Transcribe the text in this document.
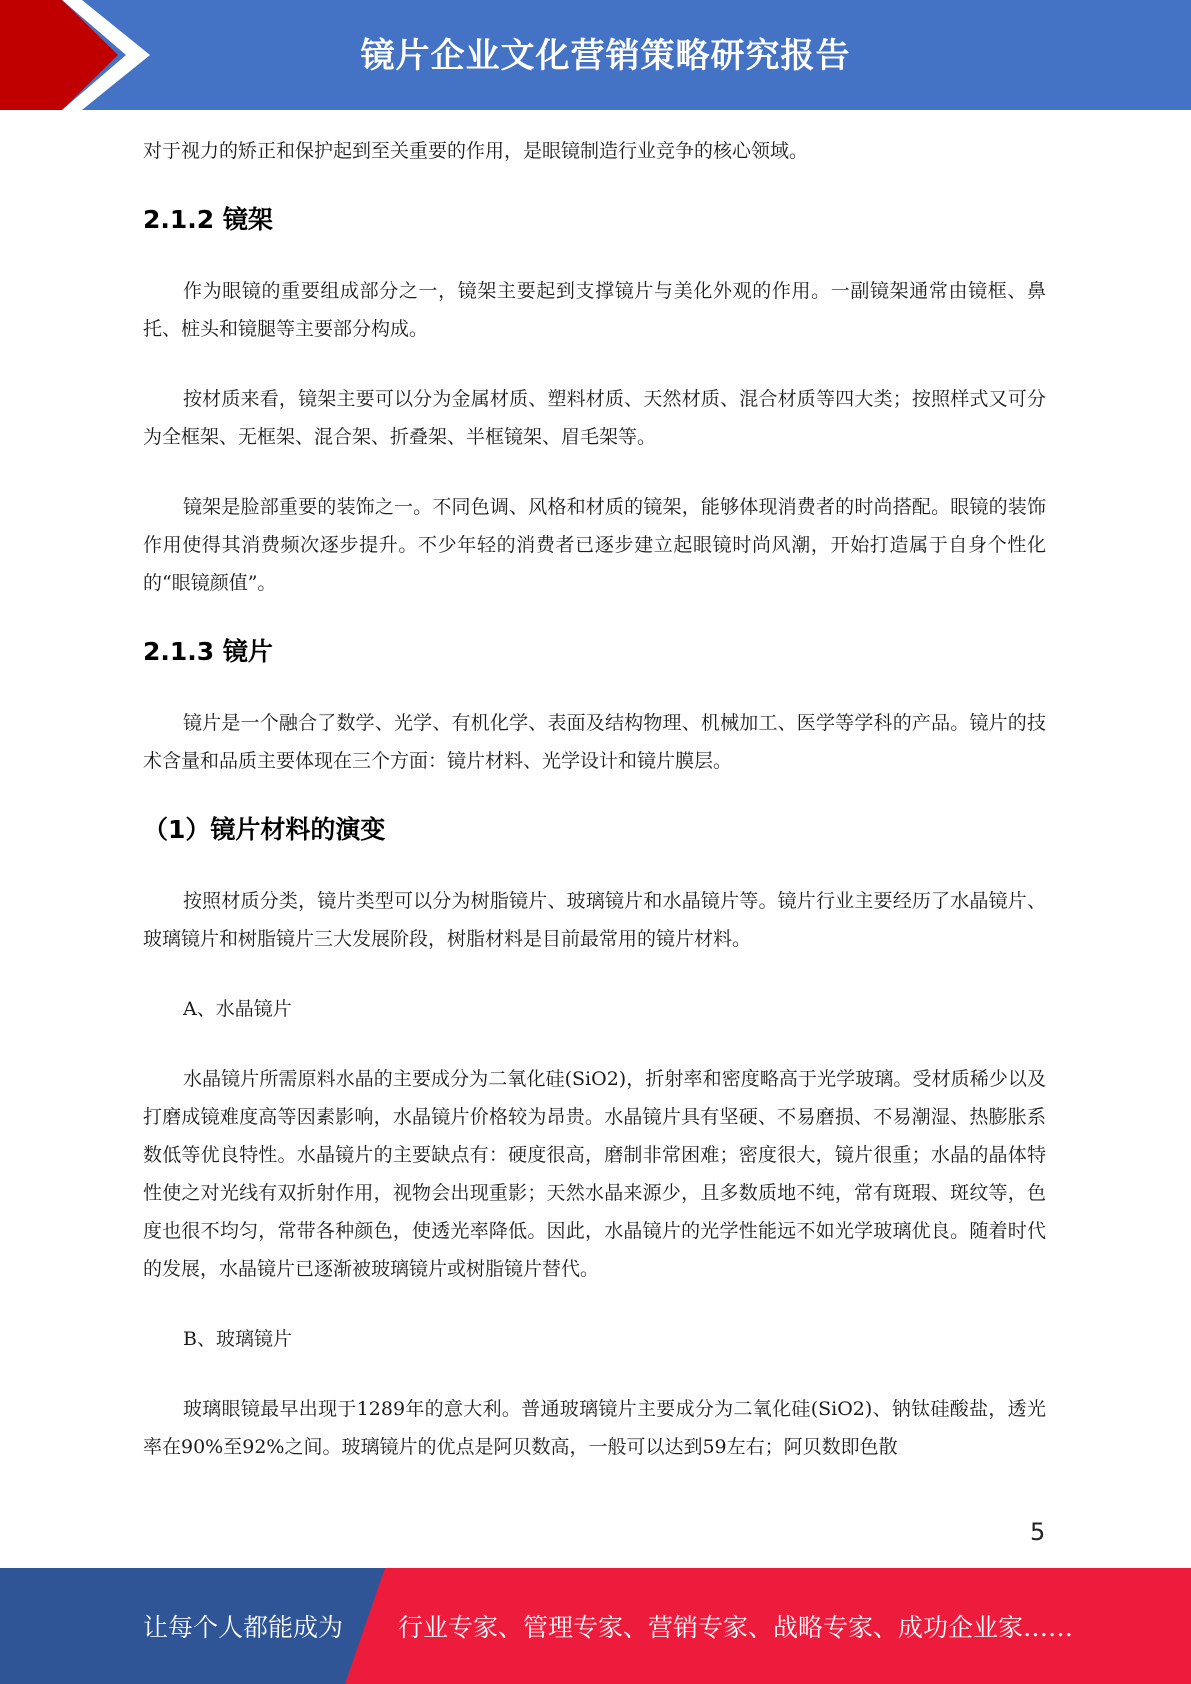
镜片企业文化营销策略研究报告

对于视力的矫正和保护起到至关重要的作用，是眼镜制造行业竞争的核心领域。

2.1.2 镜架

作为眼镜的重要组成部分之一，镜架主要起到支撑镜片与美化外观的作用。一副镜架通常由镜框、鼻托、桩头和镜腿等主要部分构成。

按材质来看，镜架主要可以分为金属材质、塑料材质、天然材质、混合材质等四大类；按照样式又可分为全框架、无框架、混合架、折叠架、半框镜架、眉毛架等。

镜架是脸部重要的装饰之一。不同色调、风格和材质的镜架，能够体现消费者的时尚搭配。眼镜的装饰作用使得其消费频次逐步提升。不少年轻的消费者已逐步建立起眼镜时尚风潮，开始打造属于自身个性化的“眼镜颜值”。

2.1.3 镜片

镜片是一个融合了数学、光学、有机化学、表面及结构物理、机械加工、医学等学科的产品。镜片的技术含量和品质主要体现在三个方面：镜片材料、光学设计和镜片膜层。

（1）镜片材料的演变

按照材质分类，镜片类型可以分为树脂镜片、玻璃镜片和水晶镜片等。镜片行业主要经历了水晶镜片、玻璃镜片和树脂镜片三大发展阶段，树脂材料是目前最常用的镜片材料。

A、水晶镜片

水晶镜片所需原料水晶的主要成分为二氧化硅(SiO2)，折射率和密度略高于光学玻璃。受材质稀少以及打磨成镜难度高等因素影响，水晶镜片价格较为昂贵。水晶镜片具有坚硬、不易磨损、不易潮湿、热膨胀系数低等优良特性。水晶镜片的主要缺点有：硬度很高，磨制非常困难；密度很大，镜片很重；水晶的晶体特性使之对光线有双折射作用，视物会出现重影；天然水晶来源少，且多数质地不纯，常有斑瑕、斑纹等，色度也很不均匀，常带各种颜色，使透光率降低。因此，水晶镜片的光学性能远不如光学玻璃优良。随着时代的发展，水晶镜片已逐渐被玻璃镜片或树脂镜片替代。

B、玻璃镜片

玻璃眼镜最早出现于1289年的意大利。普通玻璃镜片主要成分为二氧化硅(SiO2)、钠钛硅酸盐，透光率在90%至92%之间。玻璃镜片的优点是阿贝数高，一般可以达到59左右；阿贝数即色散

5
让每个人都能成为 行业专家、管理专家、营销专家、战略专家、成功企业家……
